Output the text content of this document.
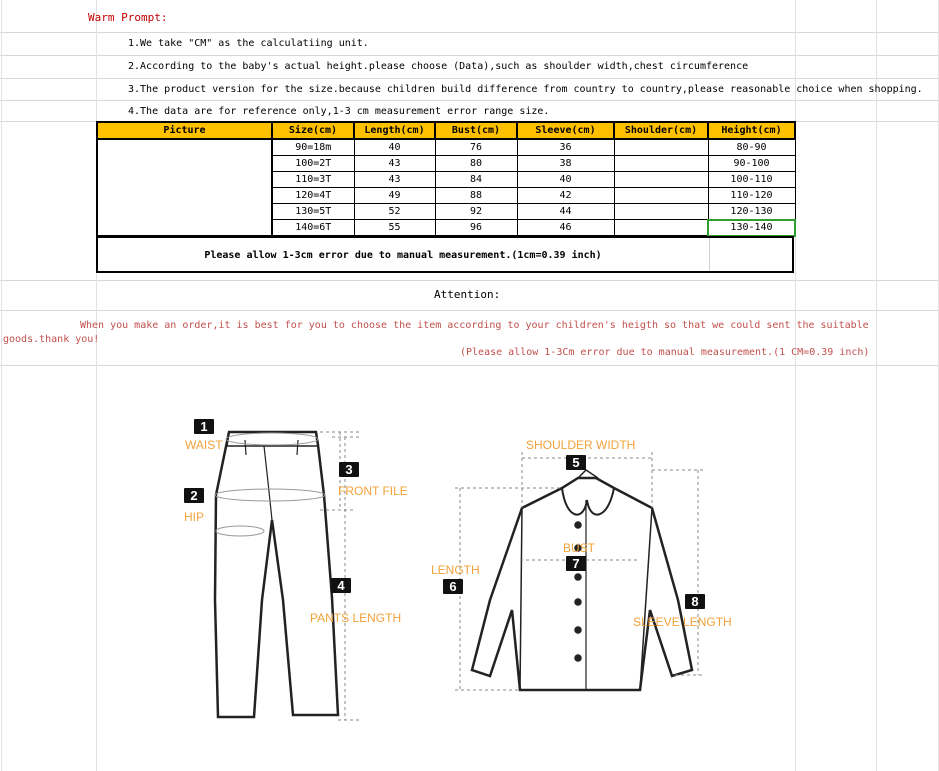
Warm Prompt:
1.We take "CM" as the calculatiing unit.
2.According to the baby's actual height.please choose (Data),such as shoulder width,chest circumference
3.The product version for the size.because children build difference from country to country,please reasonable choice when shopping.
4.The data are for reference only,1-3 cm measurement error range size.
Picture	Size(cm)	Length(cm)	Bust(cm)	Sleeve(cm)	Shoulder(cm)	Height(cm)
	90=18m	40	76	36		80-90
	100=2T	43	80	38		90-100
	110=3T	43	84	40		100-110
	120=4T	49	88	42		110-120
	130=5T	52	92	44		120-130
	140=6T	55	96	46		130-140
Please allow 1-3cm error due to manual measurement.(1cm=0.39 inch)
Attention:
When you make an order,it is best for you to choose the item according to your children's heigth so that we could sent the suitable
goods.thank you!
(Please allow 1-3Cm error due to manual measurement.(1 CM=0.39 inch)
1
WAIST
2
HIP
3
FRONT FILE
4
PANTS LENGTH
SHOULDER WIDTH
5
LENGTH
6
BUST
7
8
SLEEVE LENGTH
